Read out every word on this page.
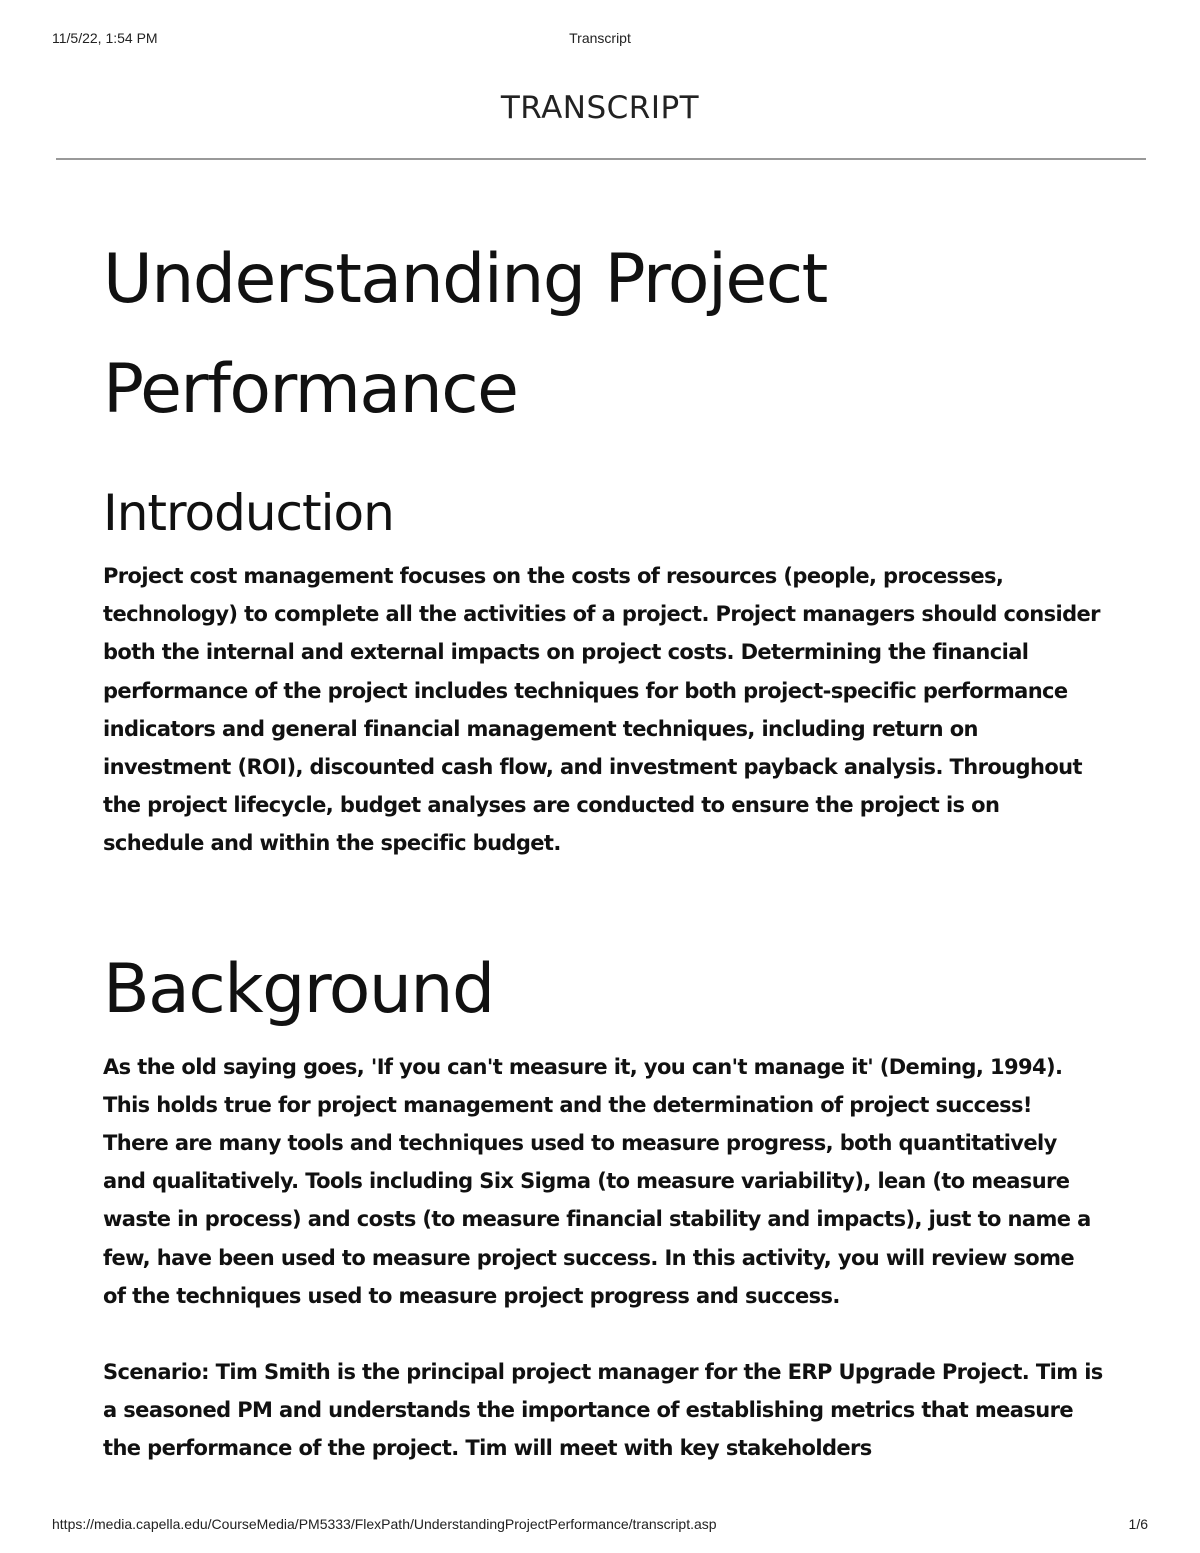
11/5/22, 1:54 PM	Transcript
TRANSCRIPT
Understanding Project Performance
Introduction

Project cost management focuses on the costs of resources (people, processes, technology) to complete all the activities of a project. Project managers should consider both the internal and external impacts on project costs. Determining the financial performance of the project includes techniques for both project-specific performance indicators and general financial management techniques, including return on investment (ROI), discounted cash flow, and investment payback analysis. Throughout the project lifecycle, budget analyses are conducted to ensure the project is on schedule and within the specific budget.

Background

As the old saying goes, 'If you can't measure it, you can't manage it' (Deming, 1994). This holds true for project management and the determination of project success! There are many tools and techniques used to measure progress, both quantitatively and qualitatively. Tools including Six Sigma (to measure variability), lean (to measure waste in process) and costs (to measure financial stability and impacts), just to name a few, have been used to measure project success. In this activity, you will review some of the techniques used to measure project progress and success.

Scenario: Tim Smith is the principal project manager for the ERP Upgrade Project. Tim is a seasoned PM and understands the importance of establishing metrics that measure the performance of the project. Tim will meet with key stakeholders

https://media.capella.edu/CourseMedia/PM5333/FlexPath/UnderstandingProjectPerformance/transcript.asp	1/6
